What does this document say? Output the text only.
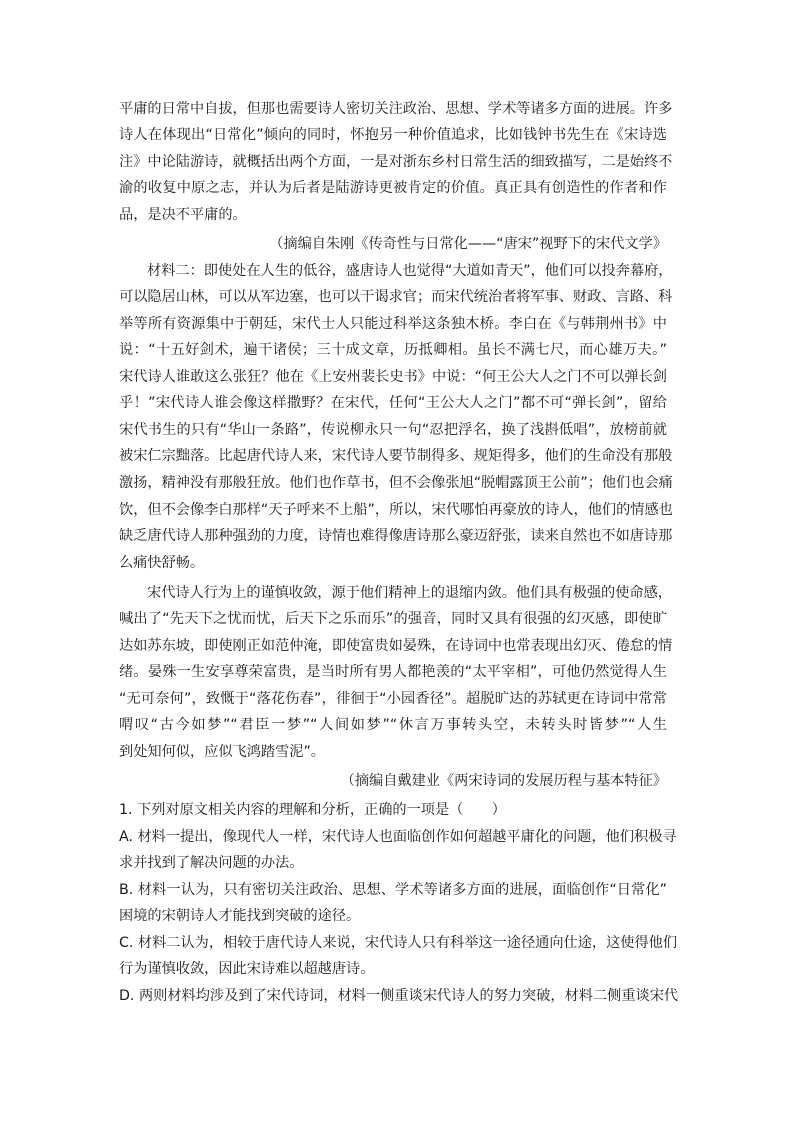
平庸的日常中自拔，但那也需要诗人密切关注政治、思想、学术等诸多方面的进展。许多
诗人在体现出“日常化”倾向的同时，怀抱另一种价值追求，比如钱钟书先生在《宋诗选
注》中论陆游诗，就概括出两个方面，一是对浙东乡村日常生活的细致描写，二是始终不
渝的收复中原之志，并认为后者是陆游诗更被肯定的价值。真正具有创造性的作者和作
品，是决不平庸的。
（摘编自朱刚《传奇性与日常化——“唐宋”视野下的宋代文学》
材料二：即使处在人生的低谷，盛唐诗人也觉得“大道如青天”，他们可以投奔幕府，
可以隐居山林，可以从军边塞，也可以干谒求官；而宋代统治者将军事、财政、言路、科
举等所有资源集中于朝廷，宋代士人只能过科举这条独木桥。李白在《与韩荆州书》中
说：“十五好剑术，遍干诸侯；三十成文章，历抵卿相。虽长不满七尺，而心雄万夫。”
宋代诗人谁敢这么张狂？他在《上安州裴长史书》中说：“何王公大人之门不可以弹长剑
乎！”宋代诗人谁会像这样撒野？在宋代，任何“王公大人之门”都不可“弹长剑”，留给
宋代书生的只有“华山一条路”，传说柳永只一句“忍把浮名，换了浅斟低唱”，放榜前就
被宋仁宗黜落。比起唐代诗人来，宋代诗人要节制得多、规矩得多，他们的生命没有那般
激扬，精神没有那般狂放。他们也作草书，但不会像张旭“脱帽露顶王公前”；他们也会痛
饮，但不会像李白那样“天子呼来不上船”，所以，宋代哪怕再豪放的诗人，他们的情感也
缺乏唐代诗人那种强劲的力度，诗情也难得像唐诗那么豪迈舒张，读来自然也不如唐诗那
么痛快舒畅。
宋代诗人行为上的谨慎收敛，源于他们精神上的退缩内敛。他们具有极强的使命感，
喊出了“先天下之忧而忧，后天下之乐而乐”的强音，同时又具有很强的幻灭感，即使旷
达如苏东坡，即使刚正如范仲淹，即使富贵如晏殊，在诗词中也常表现出幻灭、倦怠的情
绪。晏殊一生安享尊荣富贵，是当时所有男人都艳羡的“太平宰相”，可他仍然觉得人生
“无可奈何”，致慨于“落花伤春”，徘徊于“小园香径”。超脱旷达的苏轼更在诗词中常常
喟叹“古今如梦”“君臣一梦”“人间如梦”“休言万事转头空，未转头时皆梦”“人生
到处知何似，应似飞鸿踏雪泥”。
（摘编自戴建业《两宋诗词的发展历程与基本特征》
1. 下列对原文相关内容的理解和分析，正确的一项是（　　）
A. 材料一提出，像现代人一样，宋代诗人也面临创作如何超越平庸化的问题，他们积极寻
求并找到了解决问题的办法。
B. 材料一认为，只有密切关注政治、思想、学术等诸多方面的进展，面临创作“日常化”
困境的宋朝诗人才能找到突破的途径。
C. 材料二认为，相较于唐代诗人来说，宋代诗人只有科举这一途径通向仕途，这使得他们
行为谨慎收敛，因此宋诗难以超越唐诗。
D. 两则材料均涉及到了宋代诗词，材料一侧重谈宋代诗人的努力突破，材料二侧重谈宋代
